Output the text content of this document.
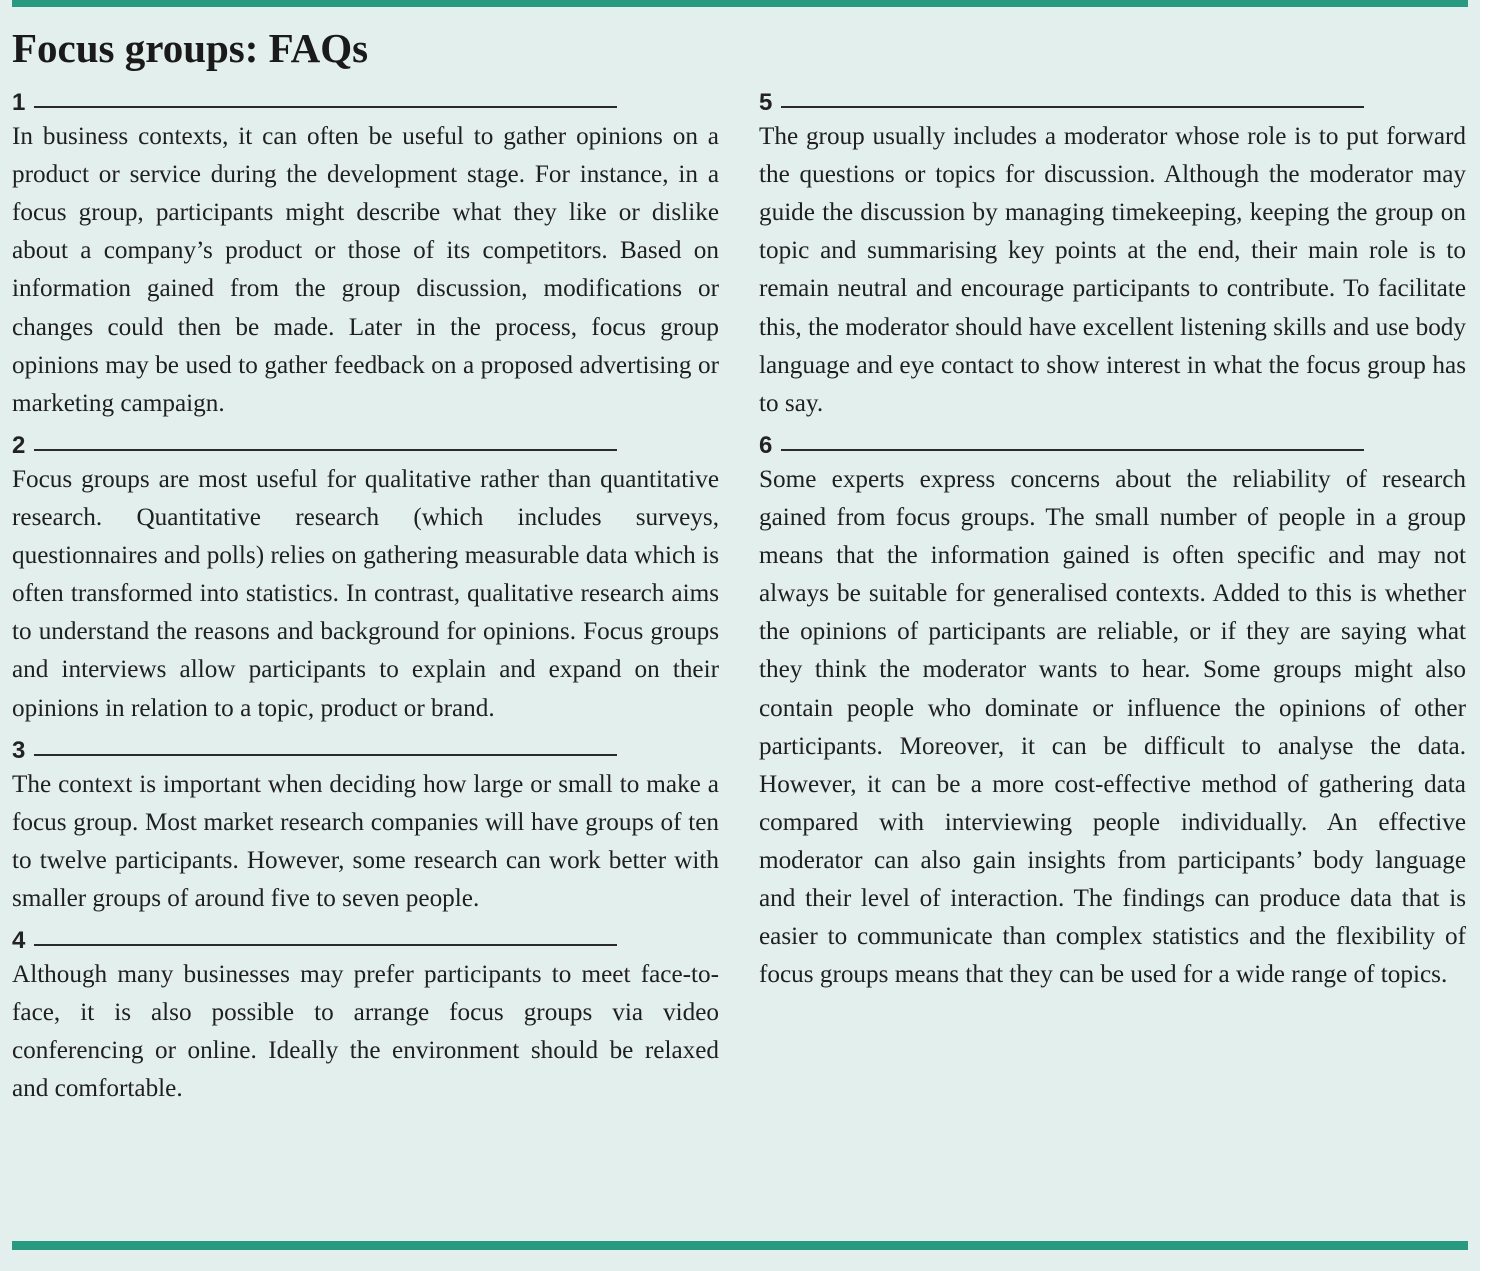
Focus groups: FAQs
1

In business contexts, it can often be useful to gather opinions on a product or service during the development stage. For instance, in a focus group, participants might describe what they like or dislike about a company’s product or those of its competitors. Based on information gained from the group discussion, modifications or changes could then be made. Later in the process, focus group opinions may be used to gather feedback on a proposed advertising or marketing campaign.

2

Focus groups are most useful for qualitative rather than quantitative research. Quantitative research (which includes surveys, questionnaires and polls) relies on gathering measurable data which is often transformed into statistics. In contrast, qualitative research aims to understand the reasons and background for opinions. Focus groups and interviews allow participants to explain and expand on their opinions in relation to a topic, product or brand.

3

The context is important when deciding how large or small to make a focus group. Most market research companies will have groups of ten to twelve participants. However, some research can work better with smaller groups of around five to seven people.

4

Although many businesses may prefer participants to meet face-to-face, it is also possible to arrange focus groups via video conferencing or online. Ideally the environment should be relaxed and comfortable.

5

The group usually includes a moderator whose role is to put forward the questions or topics for discussion. Although the moderator may guide the discussion by managing timekeeping, keeping the group on topic and summarising key points at the end, their main role is to remain neutral and encourage participants to contribute. To facilitate this, the moderator should have excellent listening skills and use body language and eye contact to show interest in what the focus group has to say.

6

Some experts express concerns about the reliability of research gained from focus groups. The small number of people in a group means that the information gained is often specific and may not always be suitable for generalised contexts. Added to this is whether the opinions of participants are reliable, or if they are saying what they think the moderator wants to hear. Some groups might also contain people who dominate or influence the opinions of other participants. Moreover, it can be difficult to analyse the data. However, it can be a more cost-effective method of gathering data compared with interviewing people individually. An effective moderator can also gain insights from participants’ body language and their level of interaction. The findings can produce data that is easier to communicate than complex statistics and the flexibility of focus groups means that they can be used for a wide range of topics.
